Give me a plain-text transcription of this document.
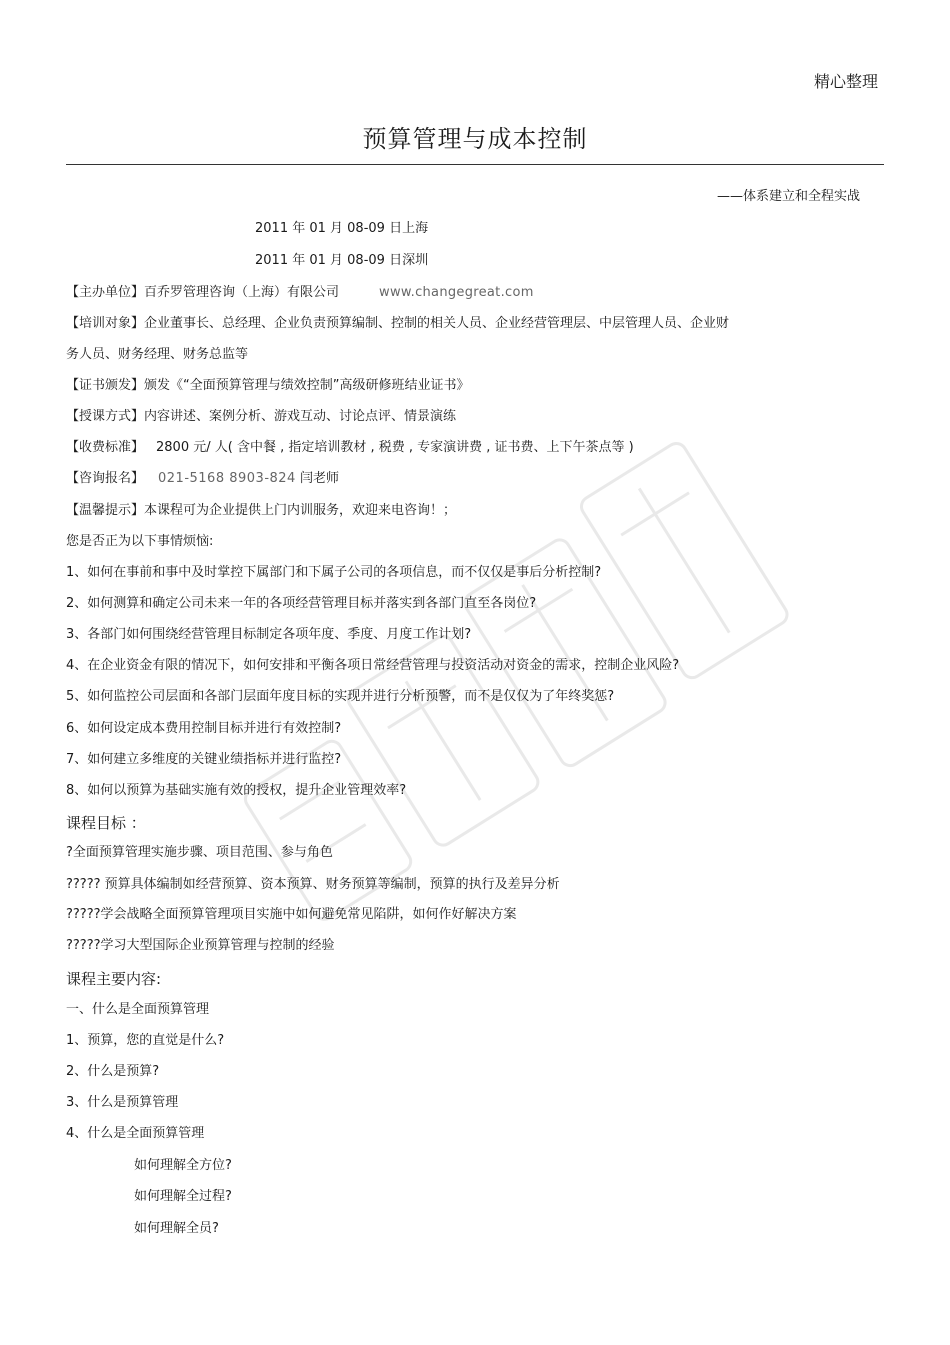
精心整理
预算管理与成本控制
——体系建立和全程实战
2011 年 01 月 08-09 日上海
2011 年 01 月 08-09 日深圳
【主办单位】百乔罗管理咨询（上海）有限公司	www.changegreat.com
【培训对象】企业董事长、总经理、企业负责预算编制、控制的相关人员、企业经营管理层、中层管理人员、企业财
务人员、财务经理、财务总监等
【证书颁发】颁发《“全面预算管理与绩效控制”高级研修班结业证书》
【授课方式】内容讲述、案例分析、游戏互动、讨论点评、情景演练
【收费标准】 2800 元/ 人( 含中餐 , 指定培训教材 , 税费 , 专家演讲费 , 证书费、上下午茶点等 )
【咨询报名】 021-5168 8903-824 闫老师
【温馨提示】本课程可为企业提供上门内训服务，欢迎来电咨询！；
您是否正为以下事情烦恼:
1、如何在事前和事中及时掌控下属部门和下属子公司的各项信息，而不仅仅是事后分析控制?
2、如何测算和确定公司未来一年的各项经营管理目标并落实到各部门直至各岗位?
3、各部门如何围绕经营管理目标制定各项年度、季度、月度工作计划?
4、在企业资金有限的情况下，如何安排和平衡各项日常经营管理与投资活动对资金的需求，控制企业风险?
5、如何监控公司层面和各部门层面年度目标的实现并进行分析预警，而不是仅仅为了年终奖惩?
6、如何设定成本费用控制目标并进行有效控制?
7、如何建立多维度的关键业绩指标并进行监控?
8、如何以预算为基础实施有效的授权，提升企业管理效率?
课程目标 ：
?全面预算管理实施步骤、项目范围、参与角色
????? 预算具体编制如经营预算、资本预算、财务预算等编制，预算的执行及差异分析
?????学会战略全面预算管理项目实施中如何避免常见陷阱，如何作好解决方案
?????学习大型国际企业预算管理与控制的经验
课程主要内容:
一、什么是全面预算管理
1、预算，您的直觉是什么?
2、什么是预算?
3、什么是预算管理
4、什么是全面预算管理
如何理解全方位?
如何理解全过程?
如何理解全员?
